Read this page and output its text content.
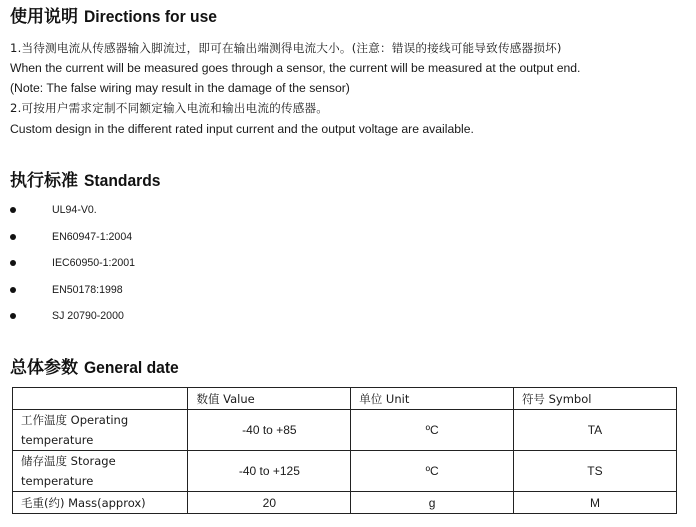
使用说明 Directions for use
1.当待测电流从传感器输入脚流过，即可在输出端测得电流大小。(注意：错误的接线可能导致传感器损坏)
When the current will be measured goes through a sensor, the current will be measured at the output end.
(Note: The false wiring may result in the damage of the sensor)
2.可按用户需求定制不同额定输入电流和输出电流的传感器。
Custom design in the different rated input current and the output voltage are available.
执行标准 Standards
UL94-V0.
EN60947-1:2004
IEC60950-1:2001
EN50178:1998
SJ 20790-2000
总体参数 General date
	数值 Value	单位 Unit	符号 Symbol
工作温度 Operating temperature	-40 to +85	ºC	TA
储存温度 Storage temperature	-40 to +125	ºC	TS
毛重(约) Mass(approx)	20	g	M
